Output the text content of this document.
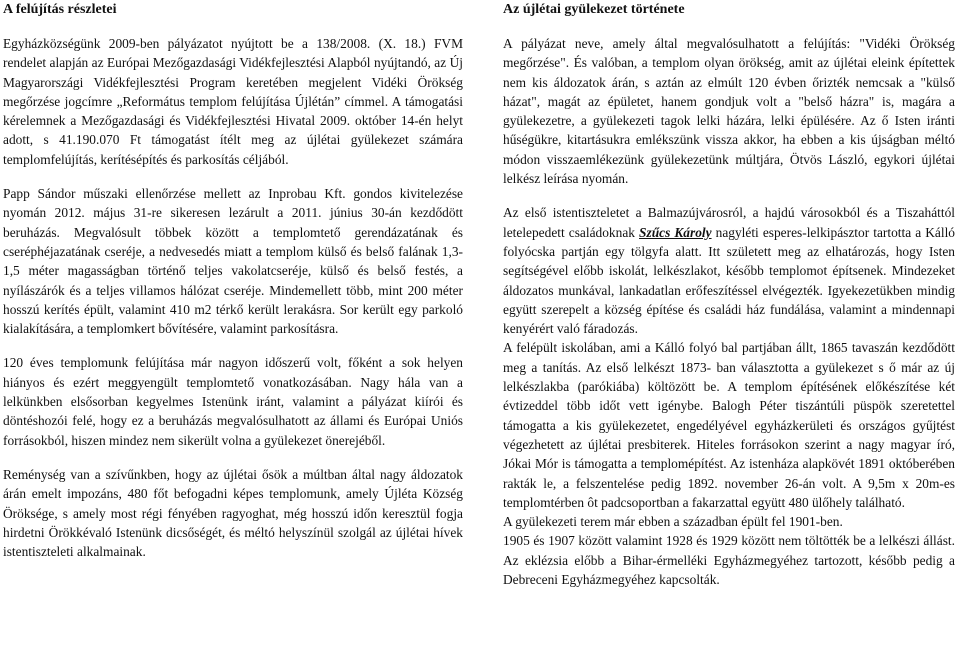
A felújítás részletei

Egyházközségünk 2009-ben pályázatot nyújtott be a 138/2008. (X. 18.) FVM rendelet alapján az Európai Mezőgazdasági Vidékfejlesztési Alapból nyújtandó, az Új Magyarországi Vidékfejlesztési Program keretében megjelent Vidéki Örökség megőrzése jogcímre „Református templom felújítása Újlétán” címmel. A támogatási kérelemnek a Mezőgazdasági és Vidékfejlesztési Hivatal 2009. október 14-én helyt adott, s 41.190.070 Ft támogatást ítélt meg az újlétai gyülekezet számára templomfelújítás, kerítésépítés és parkosítás céljából.

Papp Sándor műszaki ellenőrzése mellett az Inprobau Kft. gondos kivitelezése nyomán 2012. május 31-re sikeresen lezárult a 2011. június 30-án kezdődött beruházás. Megvalósult többek között a templomtető gerendázatának és cseréphéjazatának cseréje, a nedvesedés miatt a templom külső és belső falának 1,3-1,5 méter magasságban történő teljes vakolatcseréje, külső és belső festés, a nyílászárók és a teljes villamos hálózat cseréje. Mindemellett több, mint 200 méter hosszú kerítés épült, valamint 410 m2 térkő került lerakásra. Sor került egy parkoló kialakítására, a templomkert bővítésére, valamint parkosításra.

120 éves templomunk felújítása már nagyon időszerű volt, főként a sok helyen hiányos és ezért meggyengült templomtető vonatkozásában. Nagy hála van a lelkünkben elsősorban kegyelmes Istenünk iránt, valamint a pályázat kiírói és döntéshozói felé, hogy ez a beruházás megvalósulhatott az állami és Európai Uniós forrásokból, hiszen mindez nem sikerült volna a gyülekezet önerejéből.

Reménység van a szívűnkben, hogy az újlétai ősök a múltban által nagy áldozatok árán emelt impozáns, 480 főt befogadni képes templomunk, amely Újléta Község Öröksége, s amely most régi fényében ragyoghat, még hosszú időn keresztül fogja hirdetni Örökkévaló Istenünk dicsőségét, és méltó helyszínül szolgál az újlétai hívek istentiszteleti alkalmainak.

Az újlétai gyülekezet története

A pályázat neve, amely által megvalósulhatott a felújítás: "Vidéki Örökség megőrzése". És valóban, a templom olyan örökség, amit az újlétai eleink építettek nem kis áldozatok árán, s aztán az elmúlt 120 évben őrizték nemcsak a "külső házat", magát az épületet, hanem gondjuk volt a "belső házra" is, magára a gyülekezetre, a gyülekezeti tagok lelki házára, lelki épülésére. Az ő Isten iránti hűségükre, kitartásukra emlékszünk vissza akkor, ha ebben a kis újságban méltó módon visszaemlékezünk gyülekezetünk múltjára, Ötvös László, egykori újlétai lelkész leírása nyomán.

Az első istentiszteletet a Balmazújvárosról, a hajdú városokból és a Tiszaháttól letelepedett családoknak Szűcs Károly nagyléti esperes-lelkipásztor tartotta a Kálló folyócska partján egy tölgyfa alatt. Itt született meg az elhatározás, hogy Isten segítségével előbb iskolát, lelkészlakot, később templomot építsenek. Mindezeket áldozatos munkával, lankadatlan erőfeszítéssel elvégezték. Igyekezetükben mindig együtt szerepelt a község építése és családi ház fundálása, valamint a mindennapi kenyérért való fáradozás.

A felépült iskolában, ami a Kálló folyó bal partjában állt, 1865 tavaszán kezdődött meg a tanítás. Az első lelkészt 1873- ban választotta a gyülekezet s ő már az új lelkészlakba (parókiába) költözött be. A templom építésének előkészítése két évtizeddel több időt vett igénybe. Balogh Péter tiszántúli püspök szeretettel támogatta a kis gyülekezetet, engedélyével egyházkerületi és országos gyűjtést végezhetett az újlétai presbiterek. Hiteles forrásokon szerint a nagy magyar író, Jókai Mór is támogatta a templomépítést. Az istenháza alapkövét 1891 októberében rakták le, a felszentelése pedig 1892. november 26-án volt. A 9,5m x 20m-es templomtérben ôt padcsoportban a fakarzattal együtt 480 ülőhely található.

A gyülekezeti terem már ebben a században épült fel 1901-ben.

1905 és 1907 között valamint 1928 és 1929 között nem töltötték be a lelkészi állást. Az eklézsia előbb a Bihar-érmelléki Egyházmegyéhez tartozott, később pedig a Debreceni Egyházmegyéhez kapcsolták.
